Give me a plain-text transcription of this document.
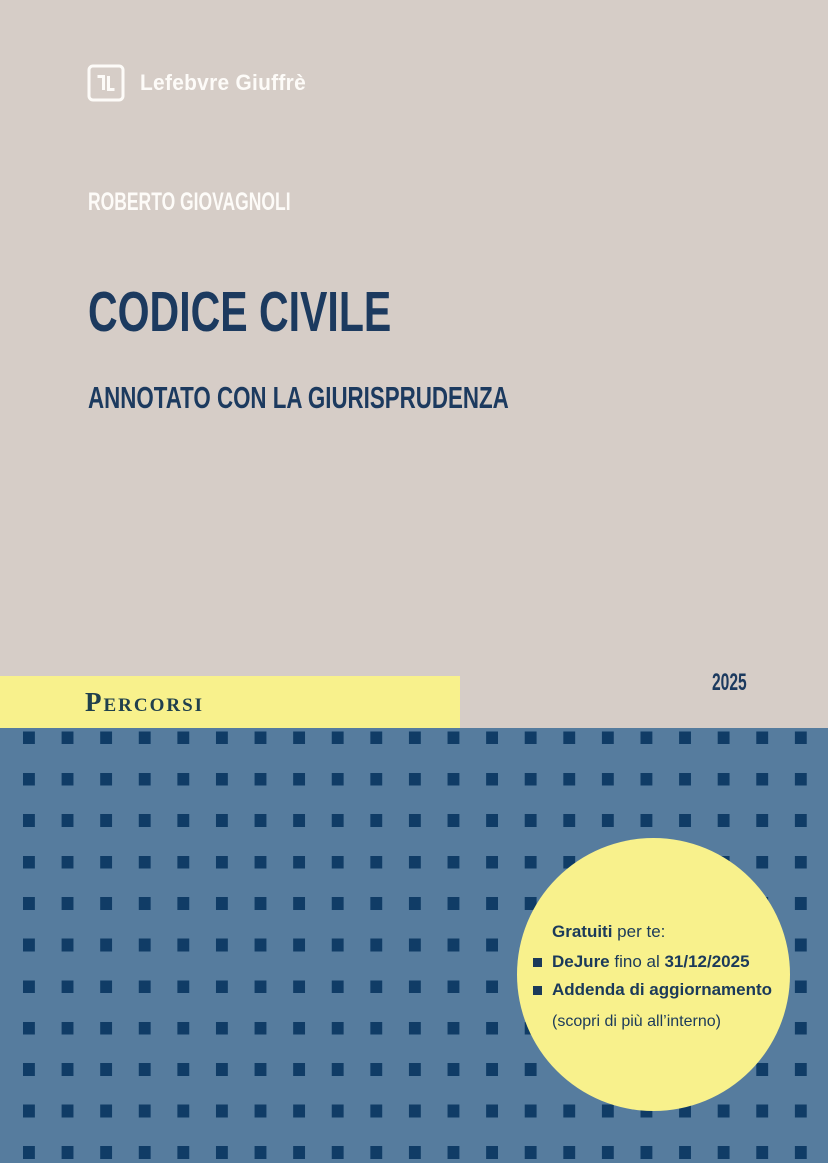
Lefebvre Giuffrè
ROBERTO GIOVAGNOLI
CODICE CIVILE
ANNOTATO CON LA GIURISPRUDENZA
Percorsi
2025
Gratuiti per te:
DeJure fino al 31/12/2025
Addenda di aggiornamento
(scopri di più all’interno)
